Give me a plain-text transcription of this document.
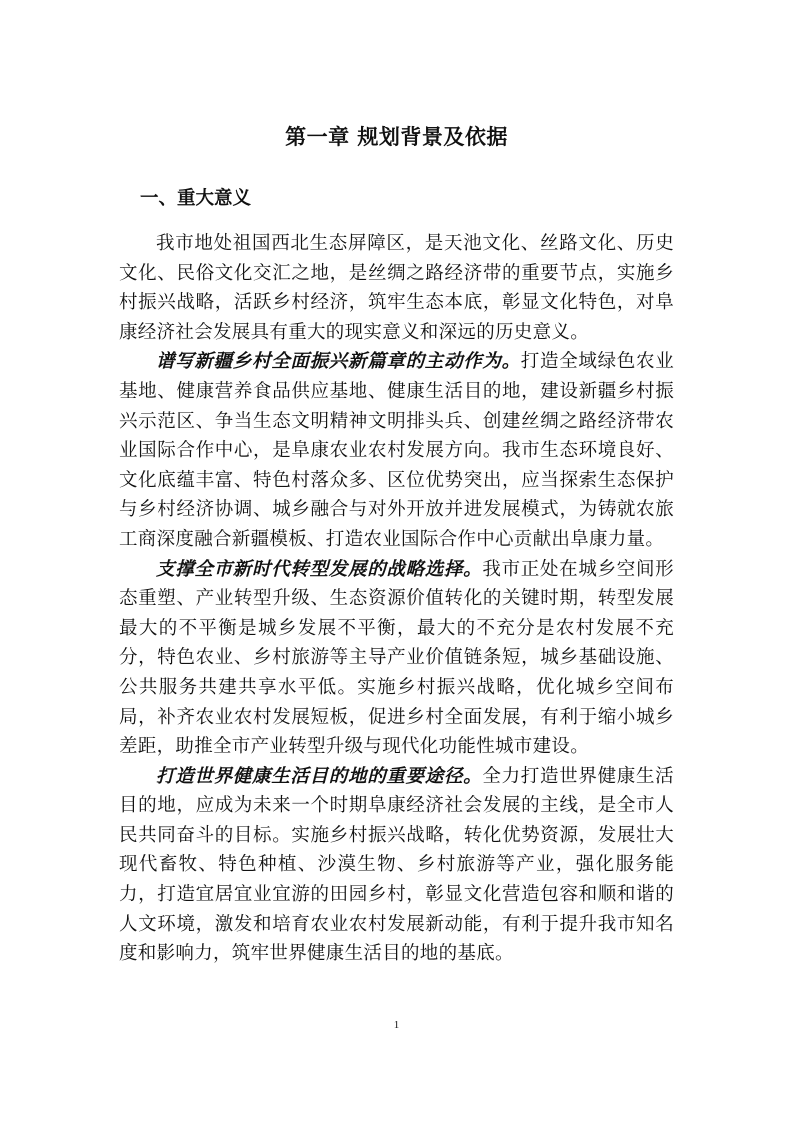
第一章 规划背景及依据
一、重大意义

我市地处祖国西北生态屏障区，是天池文化、丝路文化、历史文化、民俗文化交汇之地，是丝绸之路经济带的重要节点，实施乡村振兴战略，活跃乡村经济，筑牢生态本底，彰显文化特色，对阜康经济社会发展具有重大的现实意义和深远的历史意义。

谱写新疆乡村全面振兴新篇章的主动作为。打造全域绿色农业基地、健康营养食品供应基地、健康生活目的地，建设新疆乡村振兴示范区、争当生态文明精神文明排头兵、创建丝绸之路经济带农业国际合作中心，是阜康农业农村发展方向。我市生态环境良好、文化底蕴丰富、特色村落众多、区位优势突出，应当探索生态保护与乡村经济协调、城乡融合与对外开放并进发展模式，为铸就农旅工商深度融合新疆模板、打造农业国际合作中心贡献出阜康力量。

支撑全市新时代转型发展的战略选择。我市正处在城乡空间形态重塑、产业转型升级、生态资源价值转化的关键时期，转型发展最大的不平衡是城乡发展不平衡，最大的不充分是农村发展不充分，特色农业、乡村旅游等主导产业价值链条短，城乡基础设施、公共服务共建共享水平低。实施乡村振兴战略，优化城乡空间布局，补齐农业农村发展短板，促进乡村全面发展，有利于缩小城乡差距，助推全市产业转型升级与现代化功能性城市建设。

打造世界健康生活目的地的重要途径。全力打造世界健康生活目的地，应成为未来一个时期阜康经济社会发展的主线，是全市人民共同奋斗的目标。实施乡村振兴战略，转化优势资源，发展壮大现代畜牧、特色种植、沙漠生物、乡村旅游等产业，强化服务能力，打造宜居宜业宜游的田园乡村，彰显文化营造包容和顺和谐的人文环境，激发和培育农业农村发展新动能，有利于提升我市知名度和影响力，筑牢世界健康生活目的地的基底。

1
